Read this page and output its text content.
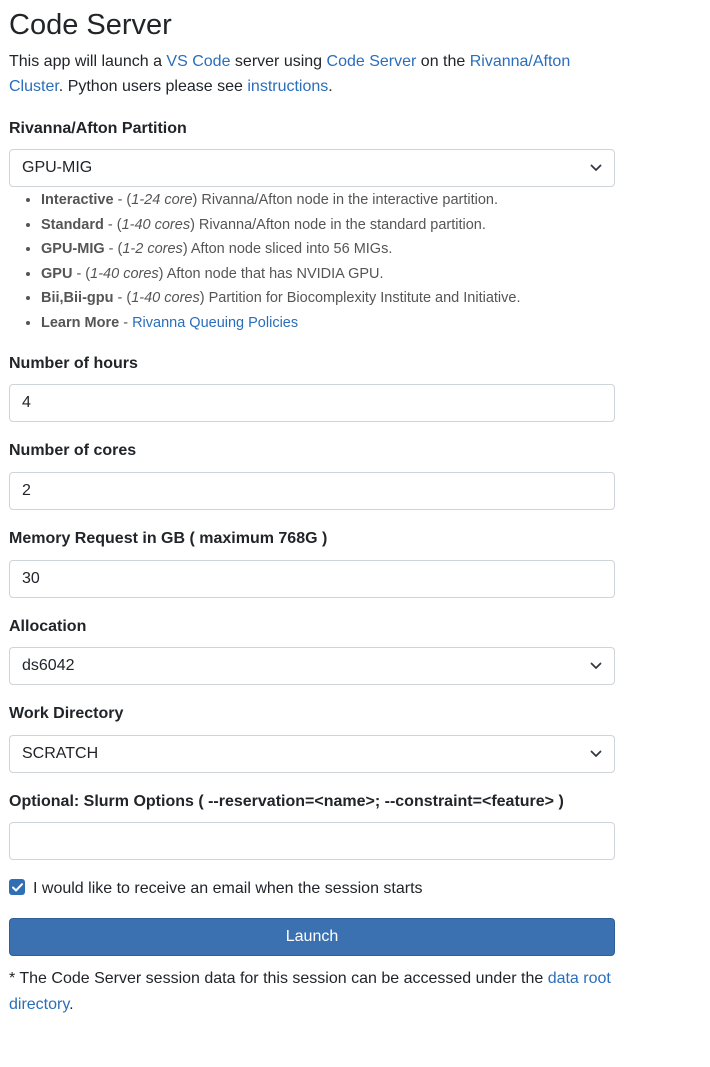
Code Server

This app will launch a VS Code server using Code Server on the Rivanna/Afton Cluster. Python users please see instructions.

Rivanna/Afton Partition
GPU-MIG
• Interactive - (1-24 core) Rivanna/Afton node in the interactive partition.
• Standard - (1-40 cores) Rivanna/Afton node in the standard partition.
• GPU-MIG - (1-2 cores) Afton node sliced into 56 MIGs.
• GPU - (1-40 cores) Afton node that has NVIDIA GPU.
• Bii,Bii-gpu - (1-40 cores) Partition for Biocomplexity Institute and Initiative.
• Learn More - Rivanna Queuing Policies
Number of hours
4
Number of cores
2
Memory Request in GB ( maximum 768G )
30
Allocation
ds6042
Work Directory
SCRATCH
Optional: Slurm Options ( --reservation=<name>; --constraint=<feature> )
I would like to receive an email when the session starts
Launch

* The Code Server session data for this session can be accessed under the data root directory.
